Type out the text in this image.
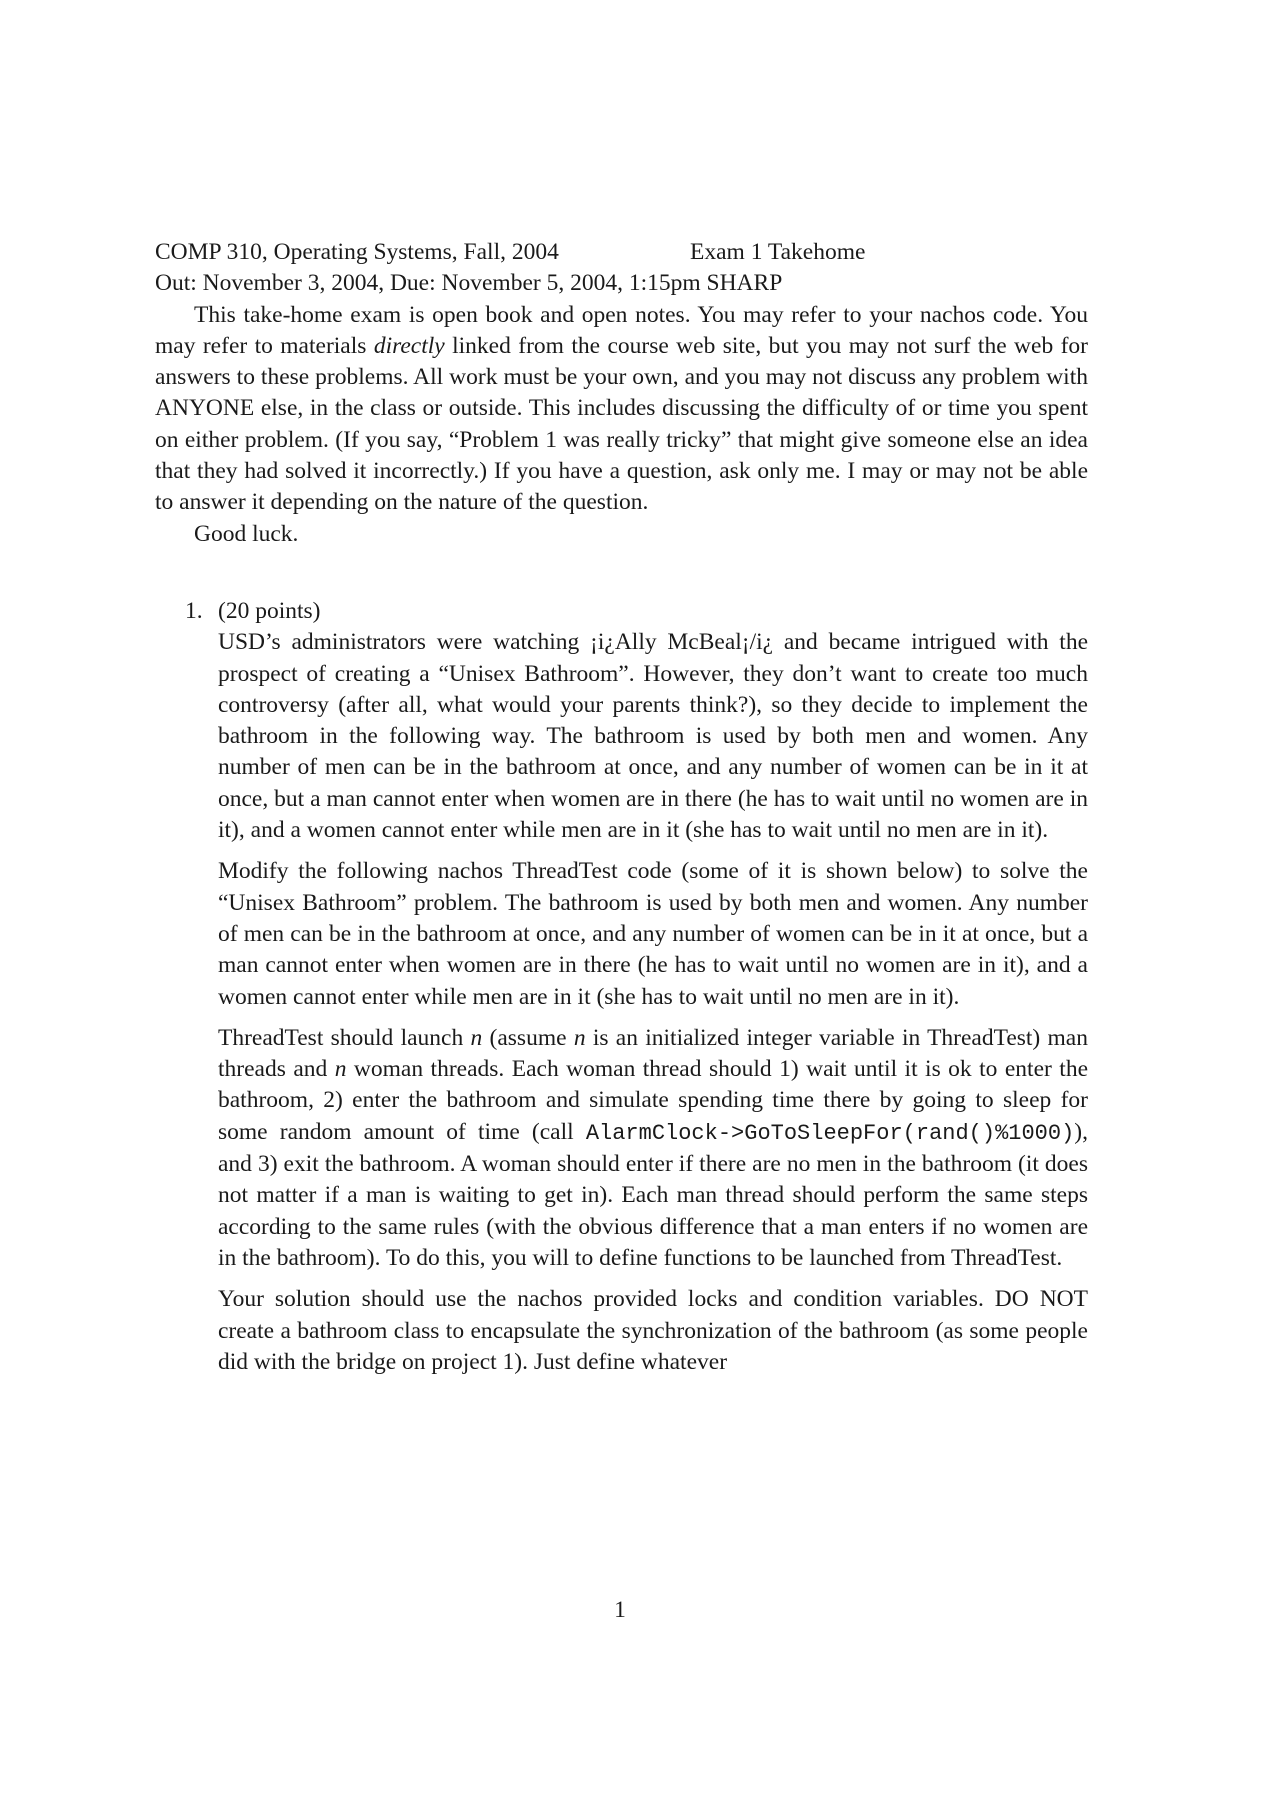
COMP 310, Operating Systems, Fall, 2004	Exam 1 Takehome
Out: November 3, 2004, Due: November 5, 2004, 1:15pm SHARP

This take-home exam is open book and open notes. You may refer to your nachos code. You may refer to materials directly linked from the course web site, but you may not surf the web for answers to these problems. All work must be your own, and you may not discuss any problem with ANYONE else, in the class or outside. This includes discussing the difficulty of or time you spent on either problem. (If you say, “Problem 1 was really tricky” that might give someone else an idea that they had solved it incorrectly.) If you have a question, ask only me. I may or may not be able to answer it depending on the nature of the question.

Good luck.

1. (20 points)

USD’s administrators were watching ¡i¿Ally McBeal¡/i¿ and became intrigued with the prospect of creating a “Unisex Bathroom”. However, they don’t want to create too much controversy (after all, what would your parents think?), so they decide to implement the bathroom in the following way. The bathroom is used by both men and women. Any number of men can be in the bathroom at once, and any number of women can be in it at once, but a man cannot enter when women are in there (he has to wait until no women are in it), and a women cannot enter while men are in it (she has to wait until no men are in it).

Modify the following nachos ThreadTest code (some of it is shown below) to solve the “Unisex Bathroom” problem. The bathroom is used by both men and women. Any number of men can be in the bathroom at once, and any number of women can be in it at once, but a man cannot enter when women are in there (he has to wait until no women are in it), and a women cannot enter while men are in it (she has to wait until no men are in it).

ThreadTest should launch n (assume n is an initialized integer variable in ThreadTest) man threads and n woman threads. Each woman thread should 1) wait until it is ok to enter the bathroom, 2) enter the bathroom and simulate spending time there by going to sleep for some random amount of time (call AlarmClock->GoToSleepFor(rand()%1000)), and 3) exit the bathroom. A woman should enter if there are no men in the bathroom (it does not matter if a man is waiting to get in). Each man thread should perform the same steps according to the same rules (with the obvious difference that a man enters if no women are in the bathroom). To do this, you will to define functions to be launched from ThreadTest.

Your solution should use the nachos provided locks and condition variables. DO NOT create a bathroom class to encapsulate the synchronization of the bathroom (as some people did with the bridge on project 1). Just define whatever

1
